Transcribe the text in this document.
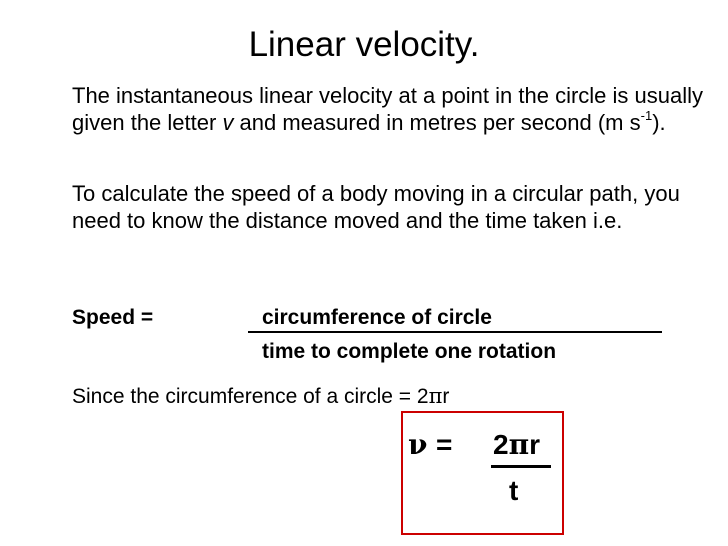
Linear velocity.

The instantaneous linear velocity at a point in the circle is usually given the letter v and measured in metres per second (m $s^{-1}$).

To calculate the speed of a body moving in a circular path, you need to know the distance moved and the time taken i.e.

Speed =	circumference of circle
time to complete one rotation
Since the circumference of a circle = 2πr
ν = 2πr
t
